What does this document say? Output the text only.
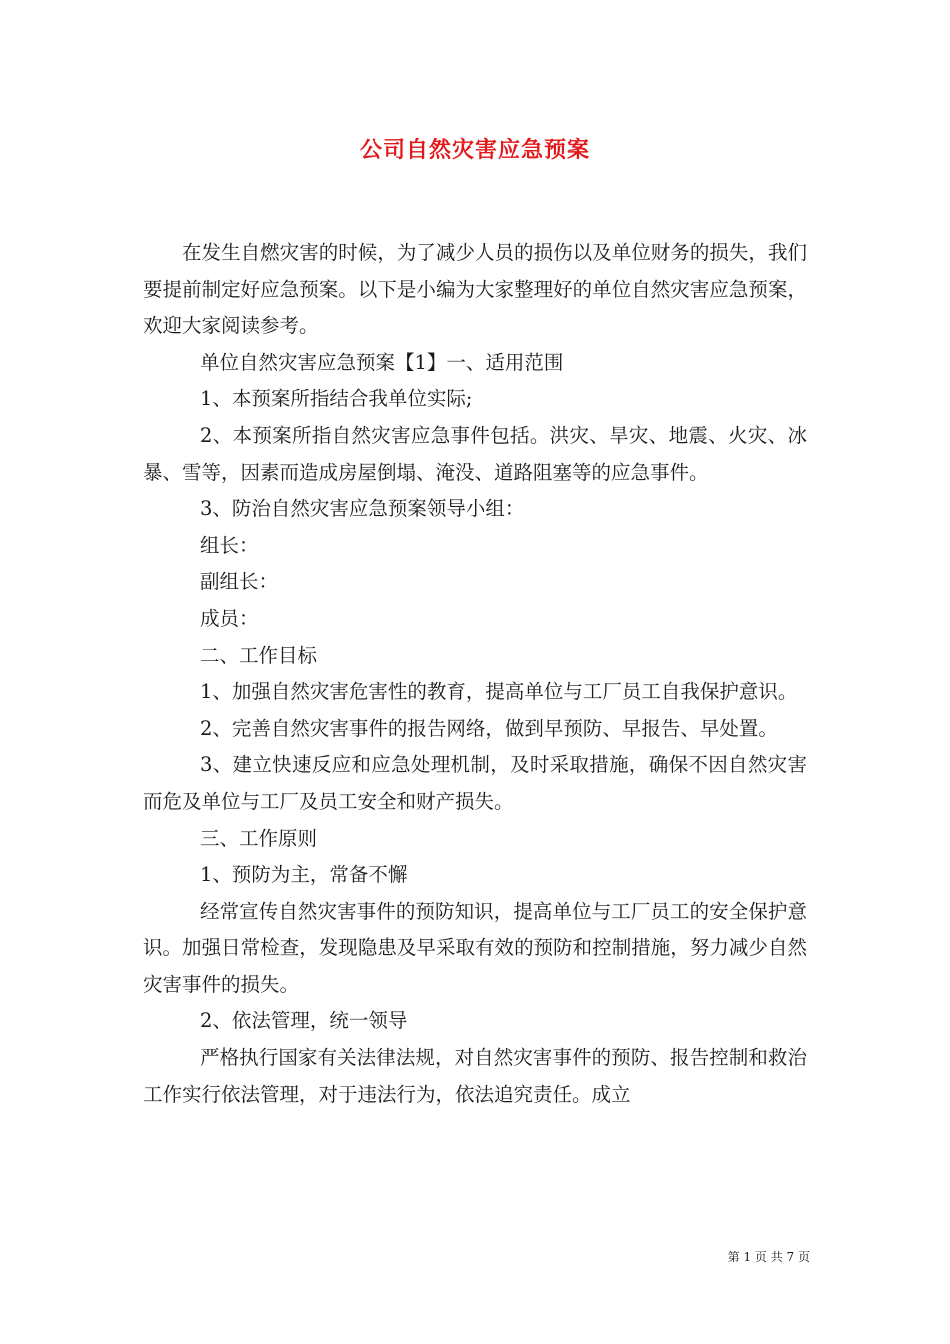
公司自然灾害应急预案

在发生自燃灾害的时候，为了减少人员的损伤以及单位财务的损失，我们要提前制定好应急预案。以下是小编为大家整理好的单位自然灾害应急预案，欢迎大家阅读参考。

单位自然灾害应急预案【1】一、适用范围

1、本预案所指结合我单位实际;

2、本预案所指自然灾害应急事件包括。洪灾、旱灾、地震、火灾、冰暴、雪等，因素而造成房屋倒塌、淹没、道路阻塞等的应急事件。

3、防治自然灾害应急预案领导小组：

组长：

副组长：

成员：

二、工作目标

1、加强自然灾害危害性的教育，提高单位与工厂员工自我保护意识。

2、完善自然灾害事件的报告网络，做到早预防、早报告、早处置。

3、建立快速反应和应急处理机制，及时采取措施，确保不因自然灾害而危及单位与工厂及员工安全和财产损失。

三、工作原则

1、预防为主，常备不懈

经常宣传自然灾害事件的预防知识，提高单位与工厂员工的安全保护意识。加强日常检查，发现隐患及早采取有效的预防和控制措施，努力减少自然灾害事件的损失。

2、依法管理，统一领导

严格执行国家有关法律法规，对自然灾害事件的预防、报告控制和救治工作实行依法管理，对于违法行为，依法追究责任。成立

第 1 页 共 7 页
